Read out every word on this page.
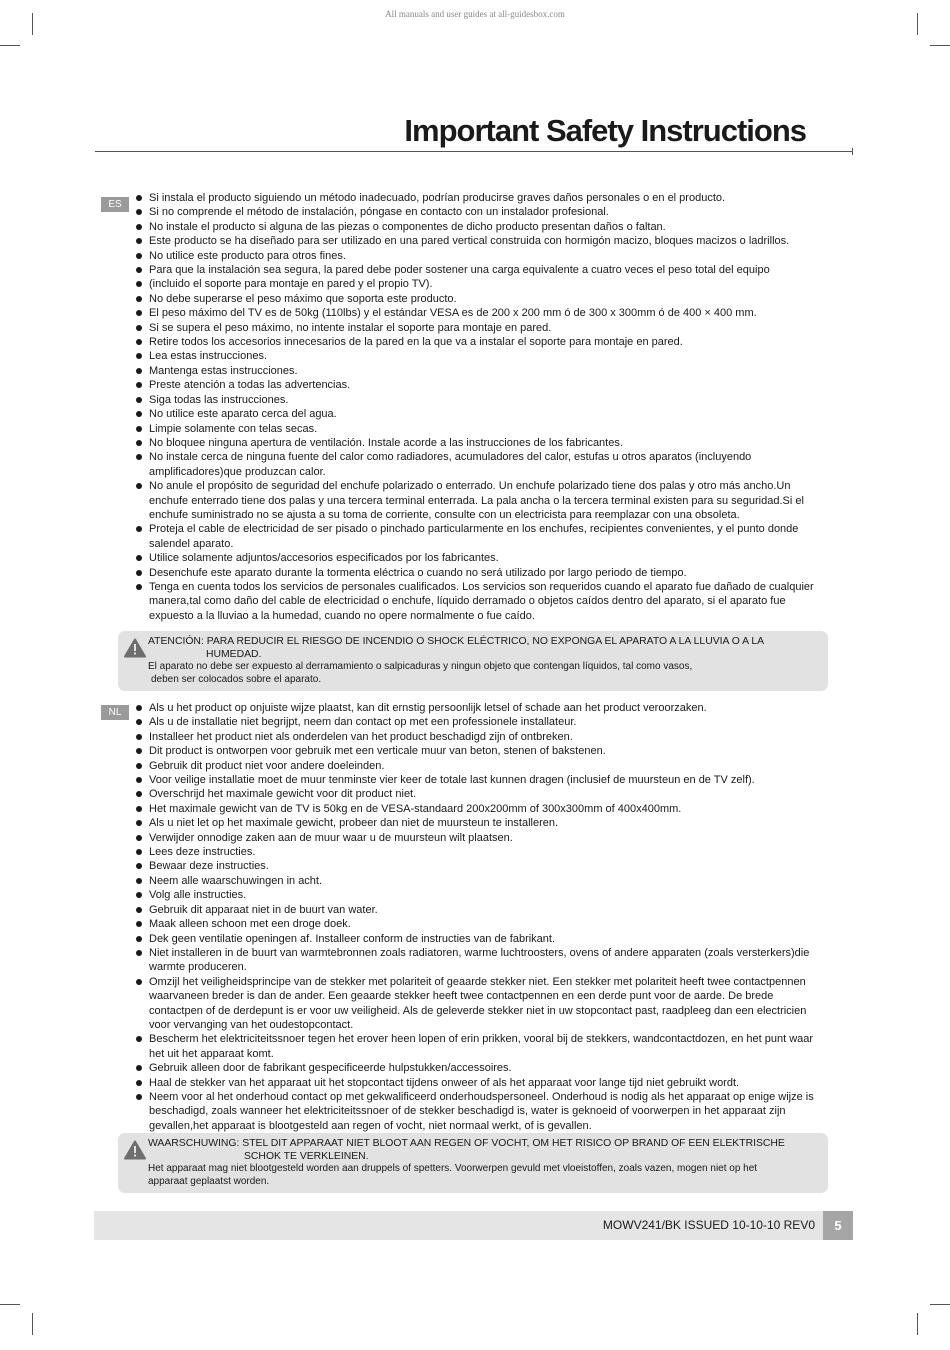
All manuals and user guides at all-guidesbox.com
Important Safety Instructions
ES
Si instala el producto siguiendo un método inadecuado, podrían producirse graves daños personales o en el producto.
Si no comprende el método de instalación, póngase en contacto con un instalador profesional.
No instale el producto si alguna de las piezas o componentes de dicho producto presentan daños o faltan.
Este producto se ha diseñado para ser utilizado en una pared vertical construida con hormigón macizo, bloques macizos o ladrillos.
No utilice este producto para otros fines.
Para que la instalación sea segura, la pared debe poder sostener una carga equivalente a cuatro veces el peso total del equipo
(incluido el soporte para montaje en pared y el propio TV).
No debe superarse el peso máximo que soporta este producto.
El peso máximo del TV es de 50kg (110lbs) y el estándar VESA es de 200 x 200 mm ó de 300 x 300mm ó de 400 × 400 mm.
Si se supera el peso máximo, no intente instalar el soporte para montaje en pared.
Retire todos los accesorios innecesarios de la pared en la que va a instalar el soporte para montaje en pared.
Lea estas instrucciones.
Mantenga estas instrucciones.
Preste atención a todas las advertencias.
Siga todas las instrucciones.
No utilice este aparato cerca del agua.
Limpie solamente con telas secas.
No bloquee ninguna apertura de ventilación. Instale acorde a las instrucciones de los fabricantes.
No instale cerca de ninguna fuente del calor como radiadores, acumuladores del calor, estufas u otros aparatos (incluyendo amplificadores)que produzcan calor.
No anule el propósito de seguridad del enchufe polarizado o enterrado. Un enchufe polarizado tiene dos palas y otro más ancho.Un enchufe enterrado tiene dos palas y una tercera terminal enterrada. La pala ancha o la tercera terminal existen para su seguridad.Si el enchufe suministrado no se ajusta a su toma de corriente, consulte con un electricista para reemplazar con una obsoleta.
Proteja el cable de electricidad de ser pisado o pinchado particularmente en los enchufes, recipientes convenientes, y el punto donde salendel aparato.
Utilice solamente adjuntos/accesorios especificados por los fabricantes.
Desenchufe este aparato durante la tormenta eléctrica o cuando no será utilizado por largo periodo de tiempo.
Tenga en cuenta todos los servicios de personales cualificados. Los servicios son requeridos cuando el aparato fue dañado de cualquier manera,tal como daño del cable de electricidad o enchufe, líquido derramado o objetos caídos dentro del aparato, si el aparato fue expuesto a la lluviao a la humedad, cuando no opere normalmente o fue caído.
ATENCIÓN: PARA REDUCIR EL RIESGO DE INCENDIO O SHOCK ELÉCTRICO, NO EXPONGA EL APARATO A LA LLUVIA O A LA
HUMEDAD.
El aparato no debe ser expuesto al derramamiento o salpicaduras y ningun objeto que contengan líquidos, tal como vasos,
deben ser colocados sobre el aparato.
NL	Als u het product op onjuiste wijze plaatst, kan dit ernstig persoonlijk letsel of schade aan het product veroorzaken.
Als u de installatie niet begrijpt, neem dan contact op met een professionele installateur.
Installeer het product niet als onderdelen van het product beschadigd zijn of ontbreken.
Dit product is ontworpen voor gebruik met een verticale muur van beton, stenen of bakstenen.
Gebruik dit product niet voor andere doeleinden.
Voor veilige installatie moet de muur tenminste vier keer de totale last kunnen dragen (inclusief de muursteun en de TV zelf).
Overschrijd het maximale gewicht voor dit product niet.
Het maximale gewicht van de TV is 50kg en de VESA-standaard 200x200mm of 300x300mm of 400x400mm.
Als u niet let op het maximale gewicht, probeer dan niet de muursteun te installeren.
Verwijder onnodige zaken aan de muur waar u de muursteun wilt plaatsen.
Lees deze instructies.
Bewaar deze instructies.
Neem alle waarschuwingen in acht.
Volg alle instructies.
Gebruik dit apparaat niet in de buurt van water.
Maak alleen schoon met een droge doek.
Dek geen ventilatie openingen af. Installeer conform de instructies van de fabrikant.
Niet installeren in de buurt van warmtebronnen zoals radiatoren, warme luchtroosters, ovens of andere apparaten (zoals versterkers)die warmte produceren.
Omzijl het veiligheidsprincipe van de stekker met polariteit of geaarde stekker niet. Een stekker met polariteit heeft twee contactpennen waarvaneen breder is dan de ander. Een geaarde stekker heeft twee contactpennen en een derde punt voor de aarde. De brede contactpen of de derdepunt is er voor uw veiligheid. Als de geleverde stekker niet in uw stopcontact past, raadpleeg dan een electricien voor vervanging van het oudestopcontact.
Bescherm het elektriciteitssnoer tegen het erover heen lopen of erin prikken, vooral bij de stekkers, wandcontactdozen, en het punt waar het uit het apparaat komt.
Gebruik alleen door de fabrikant gespecificeerde hulpstukken/accessoires.
Haal de stekker van het apparaat uit het stopcontact tijdens onweer of als het apparaat voor lange tijd niet gebruikt wordt.
Neem voor al het onderhoud contact op met gekwalificeerd onderhoudspersoneel. Onderhoud is nodig als het apparaat op enige wijze is beschadigd, zoals wanneer het elektriciteitssnoer of de stekker beschadigd is, water is geknoeid of voorwerpen in het apparaat zijn gevallen,het apparaat is blootgesteld aan regen of vocht, niet normaal werkt, of is gevallen.
WAARSCHUWING: STEL DIT APPARAAT NIET BLOOT AAN REGEN OF VOCHT, OM HET RISICO OP BRAND OF EEN ELEKTRISCHE
SCHOK TE VERKLEINEN.
Het apparaat mag niet blootgesteld worden aan druppels of spetters. Voorwerpen gevuld met vloeistoffen, zoals vazen, mogen niet op het
apparaat geplaatst worden.
MOWV241/BK ISSUED 10-10-10 REV0	5
